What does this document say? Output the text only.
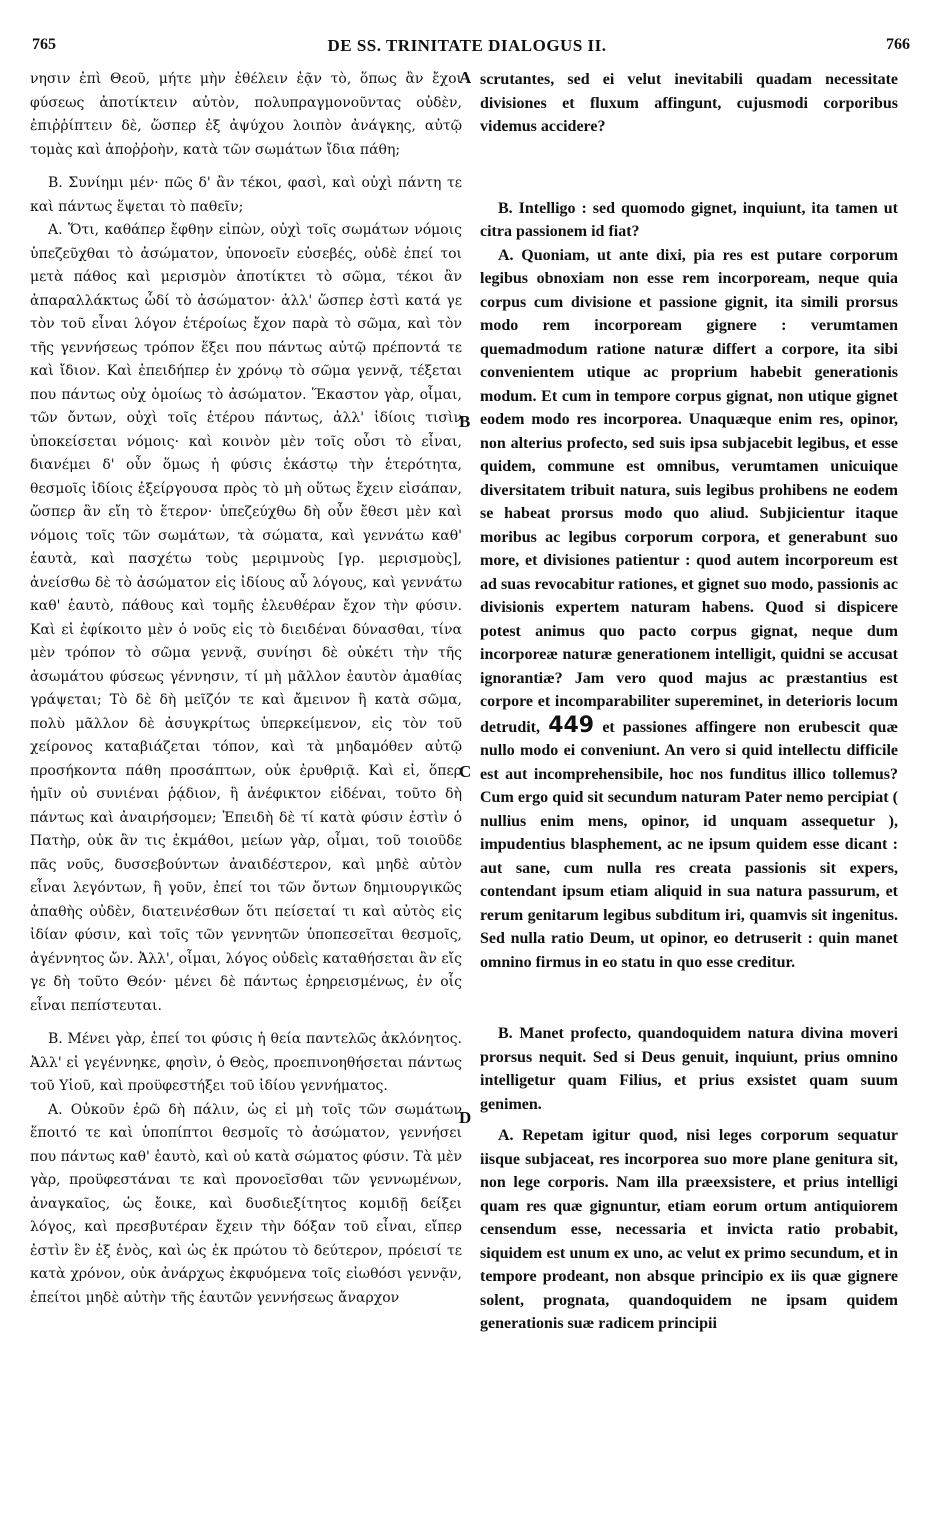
765	DE SS. TRINITATE DIALOGUS II.	766

νησιν ἐπὶ Θεοῦ, μήτε μὴν ἐθέλειν ἐᾷν τὸ, ὅπως ἂν ἔχοι φύσεως ἀποτίκτειν αὐτὸν, πολυπραγμονοῦντας οὐδὲν, ἐπιῤῥίπτειν δὲ, ὥσπερ ἐξ ἀψύχου λοιπὸν ἀνάγκης, αὐτῷ τομὰς καὶ ἀποῤῥοὴν, κατὰ τῶν σωμάτων ἴδια πάθη;

Β. Συνίημι μέν· πῶς δ' ἂν τέκοι, φασὶ, καὶ οὐχὶ πάντη τε καὶ πάντως ἕψεται τὸ παθεῖν;

Α. Ὅτι, καθάπερ ἔφθην εἰπὼν, οὐχὶ τοῖς σωμάτων νόμοις ὑπεζεῦχθαι τὸ ἀσώματον, ὑπονοεῖν εὐσεβές, οὐδὲ ἐπεί τοι μετὰ πάθος καὶ μερισμὸν ἀποτίκτει τὸ σῶμα, τέκοι ἂν ἀπαραλλάκτως ὧδί τὸ ἀσώματον· ἀλλ' ὥσπερ ἐστὶ κατά γε τὸν τοῦ εἶναι λόγον ἑτέροίως ἔχον παρὰ τὸ σῶμα, καὶ τὸν τῆς γεννήσεως τρόπον ἕξει που πάντως αὐτῷ πρέποντά τε καὶ ἴδιον. Καὶ ἐπειδήπερ ἐν χρόνῳ τὸ σῶμα γεννᾷ, τέξεται που πάντως οὐχ ὁμοίως τὸ ἀσώματον. Ἕκαστον γὰρ, οἶμαι, τῶν ὄντων, οὐχὶ τοῖς ἑτέρου πάντως, ἀλλ' ἰδίοις τισὶν ὑποκείσεται νόμοις· καὶ κοινὸν μὲν τοῖς οὖσι τὸ εἶναι, διανέμει δ' οὖν ὅμως ἡ φύσις ἑκάστῳ τὴν ἑτερότητα, θεσμοῖς ἰδίοις ἐξείργουσα πρὸς τὸ μὴ οὕτως ἔχειν εἰσάπαν, ὥσπερ ἂν εἴη τὸ ἕτερον· ὑπεζεύχθω δὴ οὖν ἔθεσι μὲν καὶ νόμοις τοῖς τῶν σωμάτων, τὰ σώματα, καὶ γεννάτω καθ' ἑαυτὰ, καὶ πασχέτω τοὺς μεριμνοὺς [γρ. μερισμοὺς], ἀνείσθω δὲ τὸ ἀσώματον εἰς ἰδίους αὖ λόγους, καὶ γεννάτω καθ' ἑαυτὸ, πάθους καὶ τομῆς ἐλευθέραν ἔχον τὴν φύσιν. Καὶ εἰ ἐφίκοιτο μὲν ὁ νοῦς εἰς τὸ διειδέναι δύνασθαι, τίνα μὲν τρόπον τὸ σῶμα γεννᾷ, συνίησι δὲ οὐκέτι τὴν τῆς ἀσωμάτου φύσεως γέννησιν, τί μὴ μᾶλλον ἑαυτὸν ἀμαθίας γράψεται; Τὸ δὲ δὴ μεῖζόν τε καὶ ἄμεινον ἢ κατὰ σῶμα, πολὺ μᾶλλον δὲ ἀσυγκρίτως ὑπερκείμενον, εἰς τὸν τοῦ χείρονος καταβιάζεται τόπον, καὶ τὰ μηδαμόθεν αὐτῷ προσήκοντα πάθη προσάπτων, οὐκ ἐρυθριᾷ. Καὶ εἰ, ὅπερ ἡμῖν οὐ συνιέναι ῥᾴδιον, ἢ ἀνέφικτον εἰδέναι, τοῦτο δὴ πάντως καὶ ἀναιρήσομεν; Ἐπειδὴ δὲ τί κατὰ φύσιν ἐστὶν ὁ Πατὴρ, οὐκ ἂν τις ἐκμάθοι, μείων γὰρ, οἶμαι, τοῦ τοιοῦδε πᾶς νοῦς, δυσσεβούντων ἀναιδέστερον, καὶ μηδὲ αὐτὸν εἶναι λεγόντων, ἢ γοῦν, ἐπεί τοι τῶν ὄντων δημιουργικῶς ἀπαθὴς οὐδὲν, διατεινέσθων ὅτι πείσεταί τι καὶ αὐτὸς εἰς ἰδίαν φύσιν, καὶ τοῖς τῶν γεννητῶν ὑποπεσεῖται θεσμοῖς, ἀγέννητος ὤν. Ἀλλ', οἶμαι, λόγος οὐδεὶς καταθήσεται ἂν εἴς γε δὴ τοῦτο Θεόν· μένει δὲ πάντως ἐρηρεισμένως, ἐν οἷς εἶναι πεπίστευται.

Β. Μένει γὰρ, ἐπεί τοι φύσις ἡ θεία παντελῶς ἀκλόνητος. Ἀλλ' εἰ γεγέννηκε, φησὶν, ὁ Θεὸς, προεπινοηθήσεται πάντως τοῦ Υἱοῦ, καὶ προϋφεστήξει τοῦ ἰδίου γεννήματος.

Α. Οὐκοῦν ἐρῶ δὴ πάλιν, ὡς εἰ μὴ τοῖς τῶν σωμάτων ἕποιτό τε καὶ ὑποπίπτοι θεσμοῖς τὸ ἀσώματον, γεννήσει που πάντως καθ' ἑαυτὸ, καὶ οὐ κατὰ σώματος φύσιν. Τὰ μὲν γὰρ, προϋφεστάναι τε καὶ προνοεῖσθαι τῶν γεννωμένων, ἀναγκαῖος, ὡς ἔοικε, καὶ δυσδιεξίτητος κομιδῇ δείξει λόγος, καὶ πρεσβυτέραν ἔχειν τὴν δόξαν τοῦ εἶναι, εἴπερ ἐστὶν ἓν ἐξ ἑνὸς, καὶ ὡς ἐκ πρώτου τὸ δεύτερον, πρόεισί τε κατὰ χρόνον, οὐκ ἀνάρχως ἐκφυόμενα τοῖς εἰωθόσι γεννᾷν, ἐπείτοι μηδὲ αὐτὴν τῆς ἑαυτῶν γεννήσεως ἄναρχον

A
B
C
D

scrutantes, sed ei velut inevitabili quadam necessitate divisiones et fluxum affingunt, cujusmodi corporibus videmus accidere?

B. Intelligo : sed quomodo gignet, inquiunt, ita tamen ut citra passionem id fiat?

A. Quoniam, ut ante dixi, pia res est putare corporum legibus obnoxiam non esse rem incorpoream, neque quia corpus cum divisione et passione gignit, ita simili prorsus modo rem incorpoream gignere : verumtamen quemadmodum ratione naturæ differt a corpore, ita sibi convenientem utique ac proprium habebit generationis modum. Et cum in tempore corpus gignat, non utique gignet eodem modo res incorporea. Unaquæque enim res, opinor, non alterius profecto, sed suis ipsa subjacebit legibus, et esse quidem, commune est omnibus, verumtamen unicuique diversitatem tribuit natura, suis legibus prohibens ne eodem se habeat prorsus modo quo aliud. Subjicientur itaque moribus ac legibus corporum corpora, et generabunt suo more, et divisiones patientur : quod autem incorporeum est ad suas revocabitur rationes, et gignet suo modo, passionis ac divisionis expertem naturam habens. Quod si dispicere potest animus quo pacto corpus gignat, neque dum incorporeæ naturæ generationem intelligit, quidni se accusat ignorantiæ? Jam vero quod majus ac præstantius est corpore et incomparabiliter supereminet, in deterioris locum detrudit, 449 et passiones affingere non erubescit quæ nullo modo ei conveniunt. An vero si quid intellectu difficile est aut incomprehensibile, hoc nos funditus illico tollemus? Cum ergo quid sit secundum naturam Pater nemo percipiat ( nullius enim mens, opinor, id unquam assequetur ), impudentius blasphement, ac ne ipsum quidem esse dicant : aut sane, cum nulla res creata passionis sit expers, contendant ipsum etiam aliquid in sua natura passurum, et rerum genitarum legibus subditum iri, quamvis sit ingenitus. Sed nulla ratio Deum, ut opinor, eo detruserit : quin manet omnino firmus in eo statu in quo esse creditur.

B. Manet profecto, quandoquidem natura divina moveri prorsus nequit. Sed si Deus genuit, inquiunt, prius omnino intelligetur quam Filius, et prius exsistet quam suum genimen.

A. Repetam igitur quod, nisi leges corporum sequatur iisque subjaceat, res incorporea suo more plane genitura sit, non lege corporis. Nam illa præexsistere, et prius intelligi quam res quæ gignuntur, etiam eorum ortum antiquiorem censendum esse, necessaria et invicta ratio probabit, siquidem est unum ex uno, ac velut ex primo secundum, et in tempore prodeant, non absque principio ex iis quæ gignere solent, prognata, quandoquidem ne ipsam quidem generationis suæ radicem principii
